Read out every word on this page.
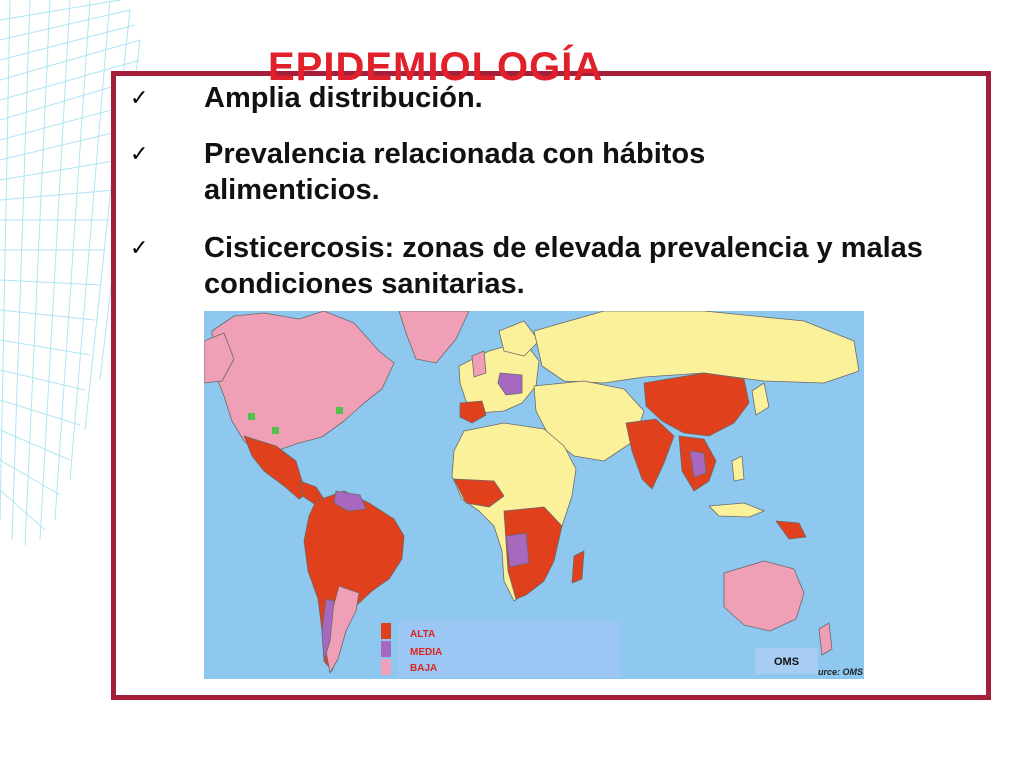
EPIDEMIOLOGÍA
✓ Amplia distribución.
✓ Prevalencia relacionada con hábitos alimenticios.
✓ Cisticercosis: zonas de elevada prevalencia y malas condiciones sanitarias.
ALTA
MEDIA
BAJA
OMS
urce: OMS
